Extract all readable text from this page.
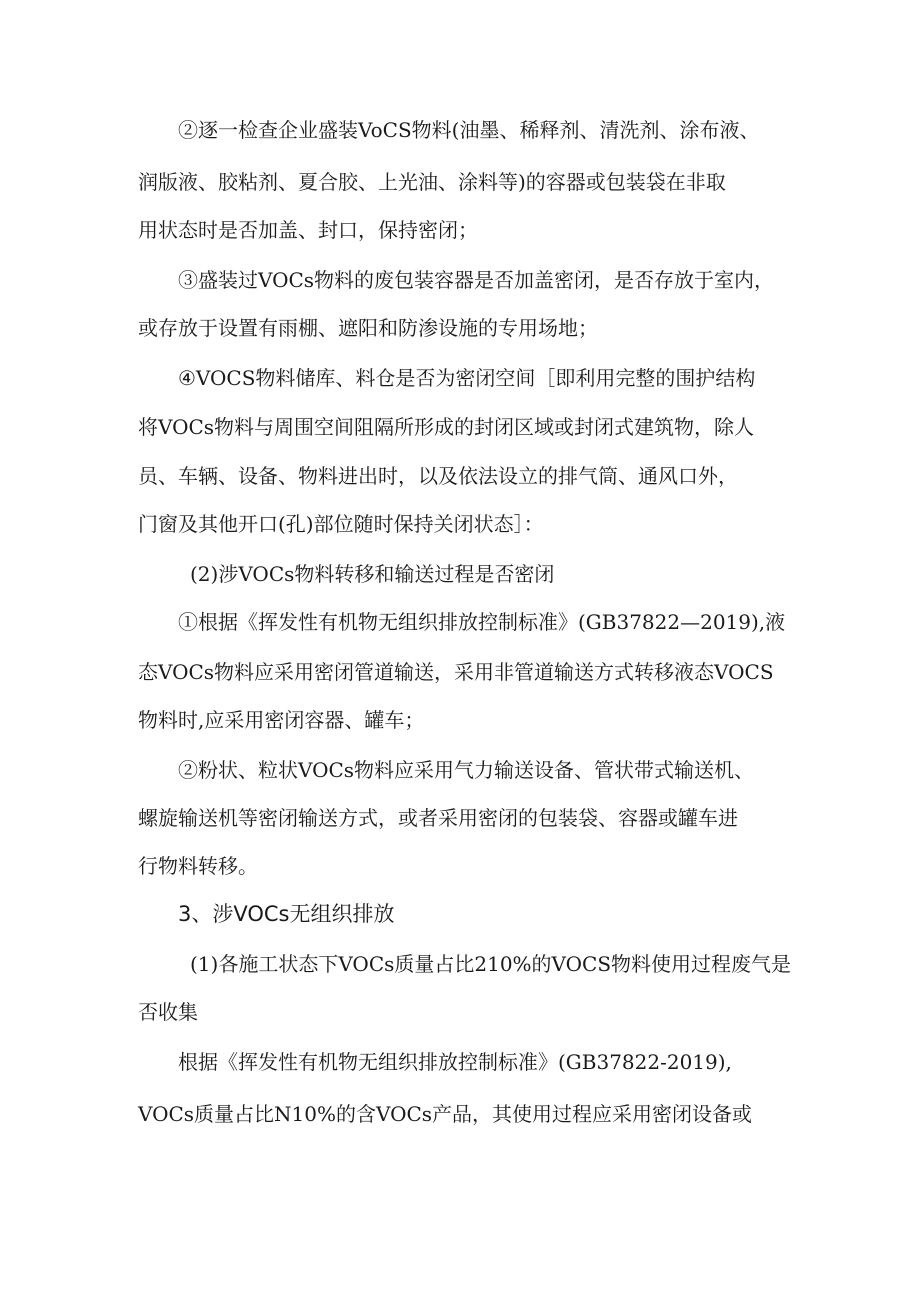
②逐一检查企业盛装VoCS物料(油墨、稀释剂、清洗剂、涂布液、
润版液、胶粘剂、夏合胶、上光油、涂料等)的容器或包装袋在非取
用状态时是否加盖、封口，保持密闭；
③盛装过VOCs物料的废包装容器是否加盖密闭，是否存放于室内，
或存放于设置有雨棚、遮阳和防渗设施的专用场地；
④VOCS物料储库、料仓是否为密闭空间［即利用完整的围护结构
将VOCs物料与周围空间阻隔所形成的封闭区域或封闭式建筑物，除人
员、车辆、设备、物料进出时，以及依法设立的排气筒、通风口外，
门窗及其他开口(孔)部位随时保持关闭状态］：
(2)涉VOCs物料转移和输送过程是否密闭
①根据《挥发性有机物无组织排放控制标准》(GB37822—2019),液
态VOCs物料应采用密闭管道输送，采用非管道输送方式转移液态VOCS
物料时,应采用密闭容器、罐车；
②粉状、粒状VOCs物料应采用气力输送设备、管状带式输送机、
螺旋输送机等密闭输送方式，或者采用密闭的包装袋、容器或罐车进
行物料转移。
3、涉VOCs无组织排放
(1)各施工状态下VOCs质量占比210%的VOCS物料使用过程废气是
否收集
根据《挥发性有机物无组织排放控制标准》(GB37822-2019),
VOCs质量占比N10%的含VOCs产品，其使用过程应采用密闭设备或
